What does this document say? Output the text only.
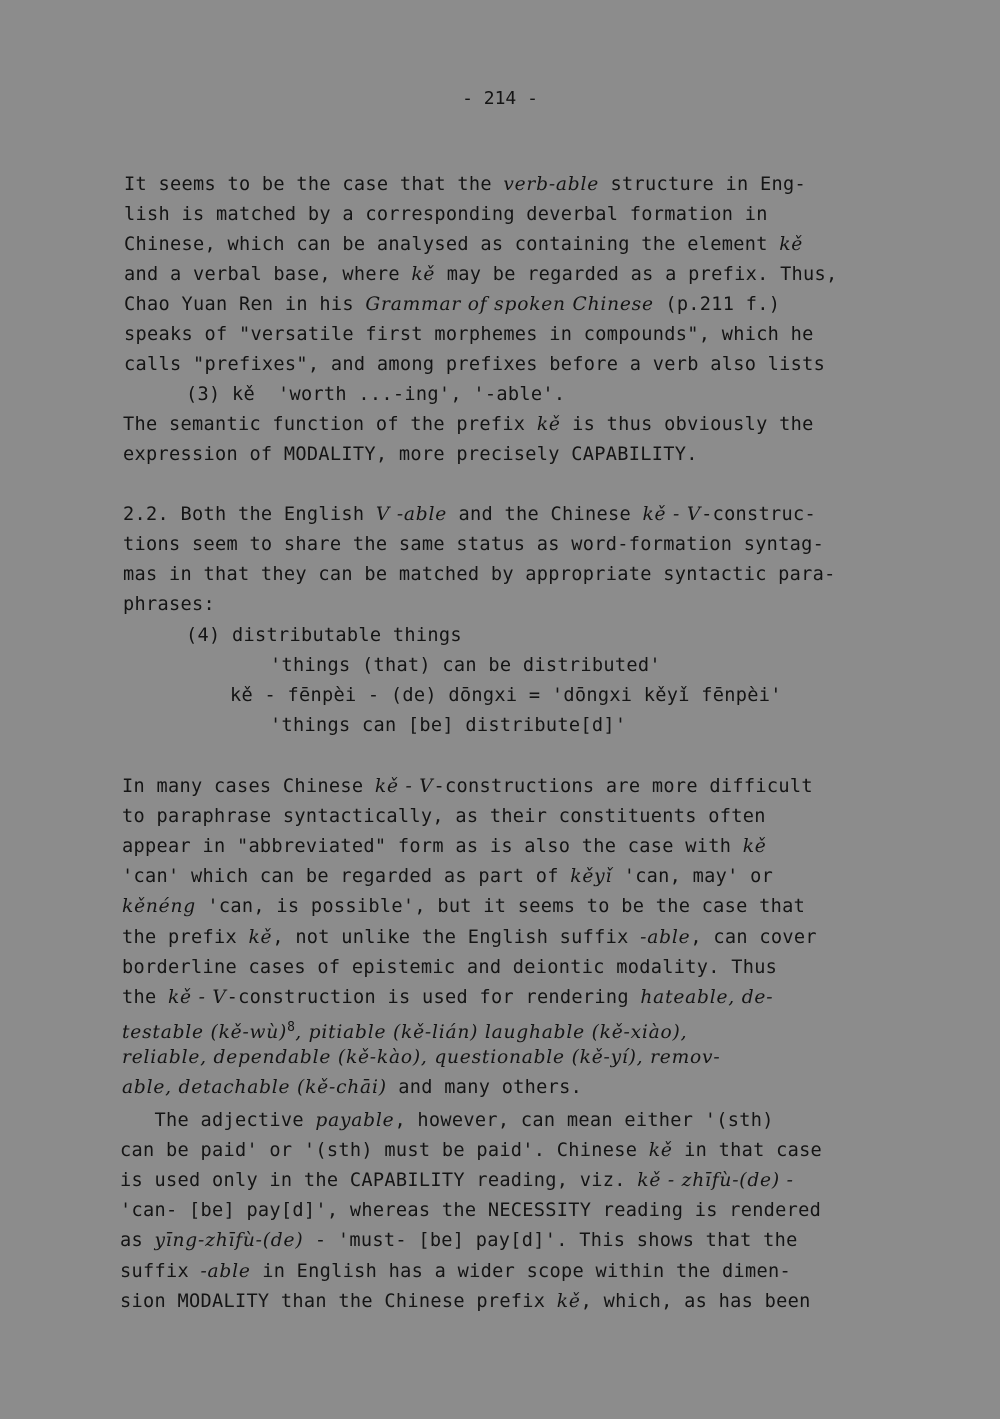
- 214 -
It seems to be the case that the verb-able structure in Eng-
lish is matched by a corresponding deverbal formation in
Chinese, which can be analysed as containing the element kě
and a verbal base, where kě may be regarded as a prefix. Thus,
Chao Yuan Ren in his Grammar of spoken Chinese (p.211 f.)
speaks of "versatile first morphemes in compounds", which he
calls "prefixes", and among prefixes before a verb also lists
(3) kě  'worth ...-ing', '-able'.
The semantic function of the prefix kě is thus obviously the
expression of MODALITY, more precisely CAPABILITY.
2.2. Both the English V -able and the Chinese kě - V-construc-
tions seem to share the same status as word-formation syntag-
mas in that they can be matched by appropriate syntactic para-
phrases:
(4) distributable things
'things (that) can be distributed'
kě - fēnpèi - (de) dōngxi = 'dōngxi kěyǐ fēnpèi'
'things can [be] distribute[d]'
In many cases Chinese kě - V-constructions are more difficult
to paraphrase syntactically, as their constituents often
appear in "abbreviated" form as is also the case with kě
'can' which can be regarded as part of kěyǐ 'can, may' or
kěnéng 'can, is possible', but it seems to be the case that
the prefix kě, not unlike the English suffix -able, can cover
borderline cases of epistemic and deiontic modality. Thus
the kě - V-construction is used for rendering hateable, de-
testable (kě-wù)$^8$, pitiable (kě-lián) laughable (kě-xiào),
reliable, dependable (kě-kào), questionable (kě-yí), remov-
able, detachable (kě-chāi) and many others.
The adjective payable, however, can mean either '(sth)
can be paid' or '(sth) must be paid'. Chinese kě in that case
is used only in the CAPABILITY reading, viz. kě - zhīfù-(de) -
'can- [be] pay[d]', whereas the NECESSITY reading is rendered
as yīng-zhīfù-(de) - 'must- [be] pay[d]'. This shows that the
suffix -able in English has a wider scope within the dimen-
sion MODALITY than the Chinese prefix kě, which, as has been
